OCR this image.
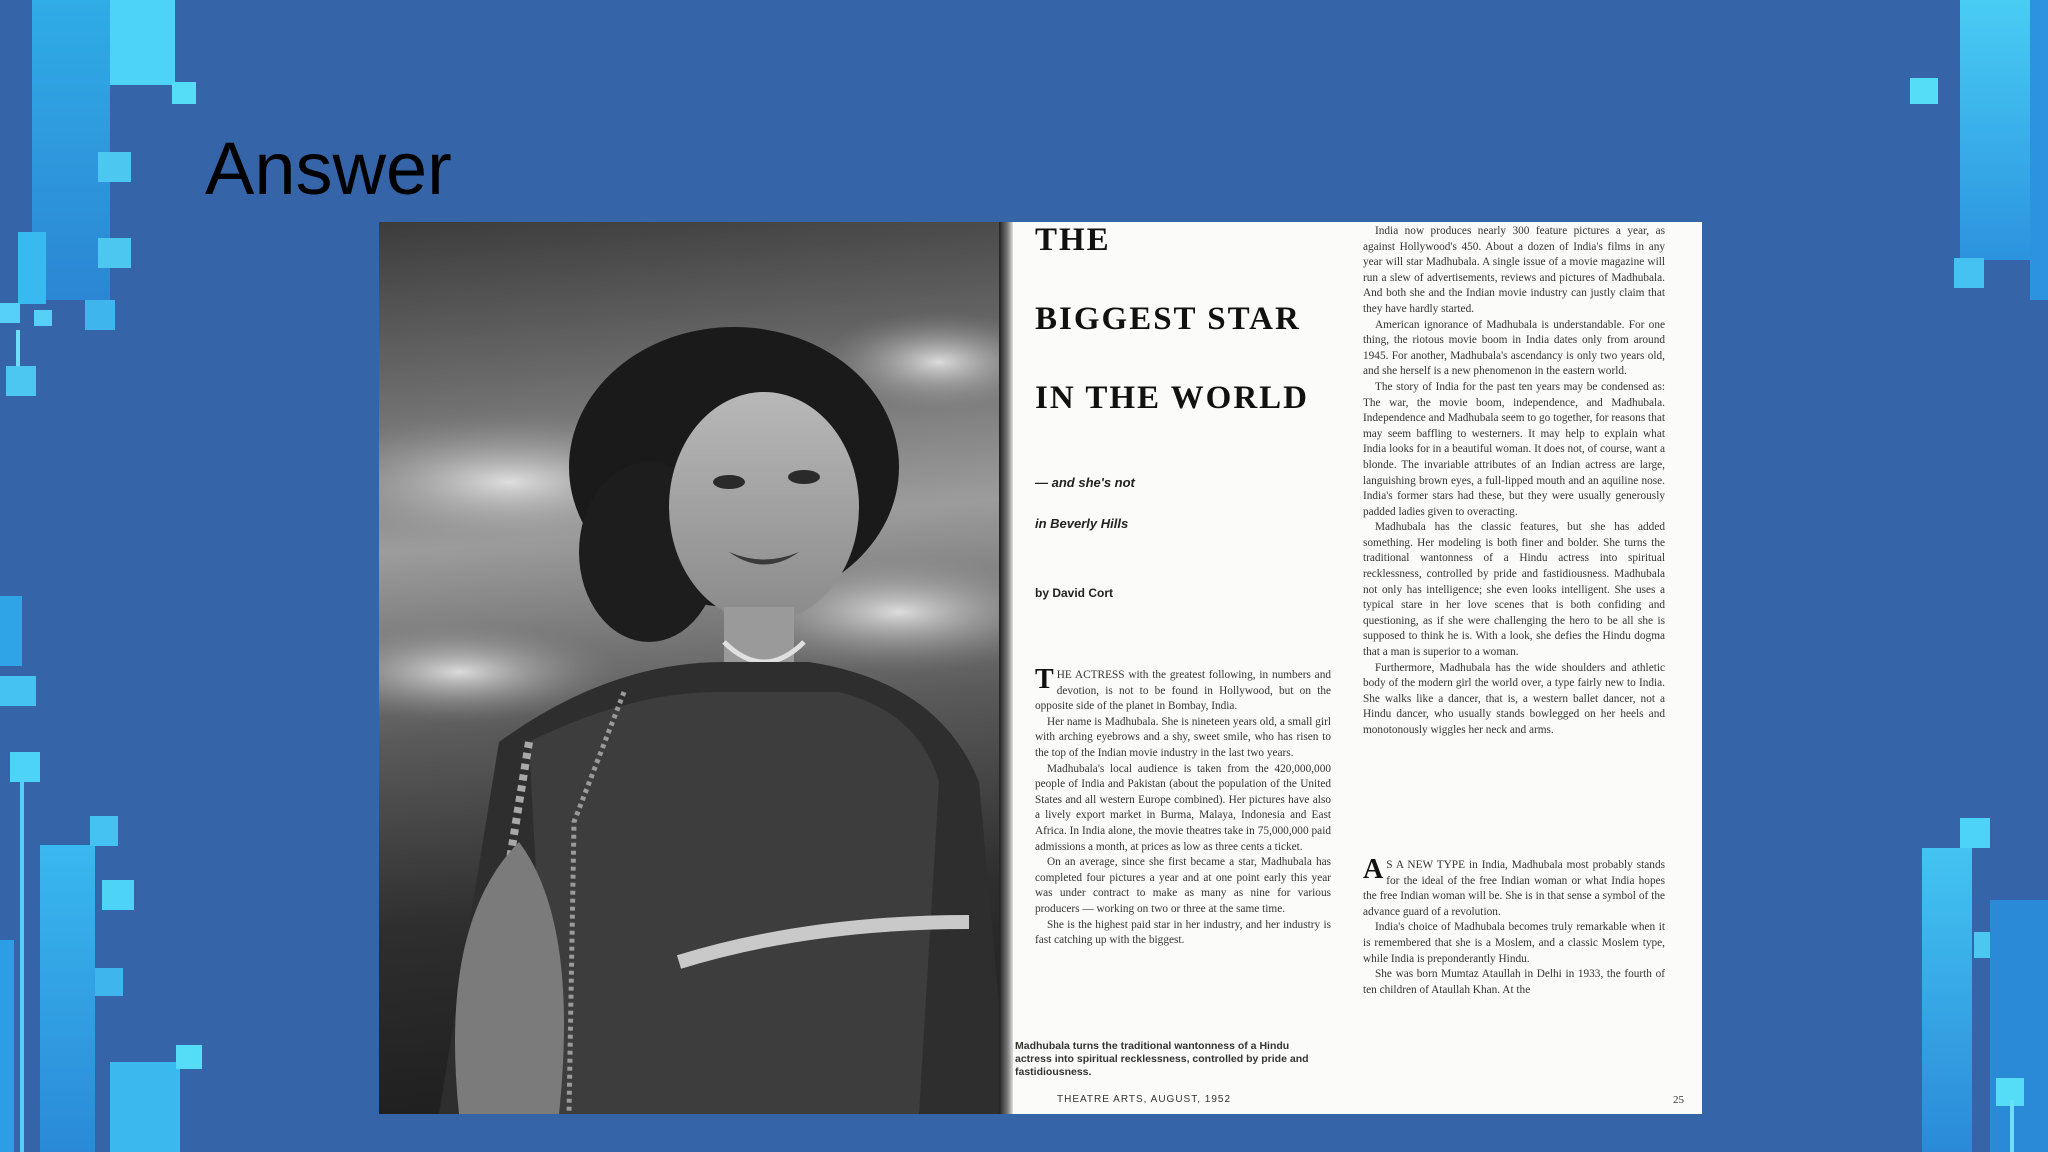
Answer
THE
BIGGEST STAR
IN THE WORLD
— and she's not
in Beverly Hills
by David Cort

THE ACTRESS with the greatest following, in numbers and devotion, is not to be found in Hollywood, but on the opposite side of the planet in Bombay, India.

Her name is Madhubala. She is nineteen years old, a small girl with arching eyebrows and a shy, sweet smile, who has risen to the top of the Indian movie industry in the last two years.

Madhubala's local audience is taken from the 420,000,000 people of India and Pakistan (about the population of the United States and all western Europe combined). Her pictures have also a lively export market in Burma, Malaya, Indonesia and East Africa. In India alone, the movie theatres take in 75,000,000 paid admissions a month, at prices as low as three cents a ticket.

On an average, since she first became a star, Madhubala has completed four pictures a year and at one point early this year was under contract to make as many as nine for various producers — working on two or three at the same time.

She is the highest paid star in her industry, and her industry is fast catching up with the biggest.

Madhubala turns the traditional wantonness of a Hindu actress into spiritual recklessness, controlled by pride and fastidiousness.
THEATRE ARTS, AUGUST, 1952

India now produces nearly 300 feature pictures a year, as against Hollywood's 450. About a dozen of India's films in any year will star Madhubala. A single issue of a movie magazine will run a slew of advertisements, reviews and pictures of Madhubala. And both she and the Indian movie industry can justly claim that they have hardly started.

American ignorance of Madhubala is understandable. For one thing, the riotous movie boom in India dates only from around 1945. For another, Madhubala's ascendancy is only two years old, and she herself is a new phenomenon in the eastern world.

The story of India for the past ten years may be condensed as: The war, the movie boom, independence, and Madhubala. Independence and Madhubala seem to go together, for reasons that may seem baffling to westerners. It may help to explain what India looks for in a beautiful woman. It does not, of course, want a blonde. The invariable attributes of an Indian actress are large, languishing brown eyes, a full-lipped mouth and an aquiline nose. India's former stars had these, but they were usually generously padded ladies given to overacting.

Madhubala has the classic features, but she has added something. Her modeling is both finer and bolder. She turns the traditional wantonness of a Hindu actress into spiritual recklessness, controlled by pride and fastidiousness. Madhubala not only has intelligence; she even looks intelligent. She uses a typical stare in her love scenes that is both confiding and questioning, as if she were challenging the hero to be all she is supposed to think he is. With a look, she defies the Hindu dogma that a man is superior to a woman.

Furthermore, Madhubala has the wide shoulders and athletic body of the modern girl the world over, a type fairly new to India. She walks like a dancer, that is, a western ballet dancer, not a Hindu dancer, who usually stands bowlegged on her heels and monotonously wiggles her neck and arms.

A S A NEW TYPE in India, Madhubala most probably stands for the ideal of the free Indian woman or what India hopes the free Indian woman will be. She is in that sense a symbol of the advance guard of a revolution.

India's choice of Madhubala becomes truly remarkable when it is remembered that she is a Moslem, and a classic Moslem type, while India is preponderantly Hindu.

She was born Mumtaz Ataullah in Delhi in 1933, the fourth of ten children of Ataullah Khan. At the

25
